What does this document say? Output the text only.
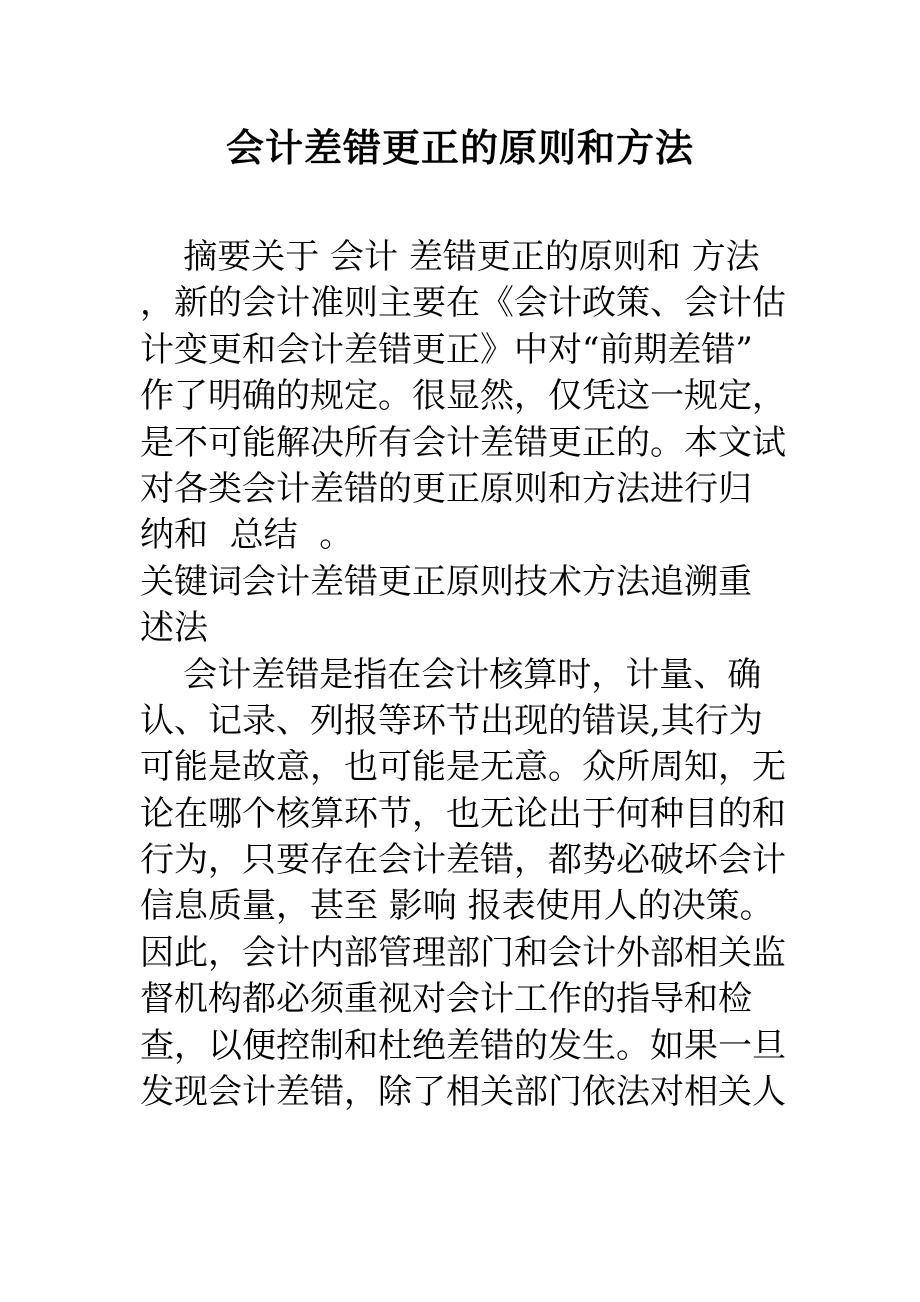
会计差错更正的原则和方法
摘要关于 会计 差错更正的原则和 方法
，新的会计准则主要在《会计政策、会计估
计变更和会计差错更正》中对“前期差错”
作了明确的规定。很显然，仅凭这一规定，
是不可能解决所有会计差错更正的。本文试
对各类会计差错的更正原则和方法进行归
纳和  总结  。
关键词会计差错更正原则技术方法追溯重
述法
会计差错是指在会计核算时，计量、确
认、记录、列报等环节出现的错误,其行为
可能是故意，也可能是无意。众所周知，无
论在哪个核算环节，也无论出于何种目的和
行为，只要存在会计差错，都势必破坏会计
信息质量，甚至 影响 报表使用人的决策。
因此，会计内部管理部门和会计外部相关监
督机构都必须重视对会计工作的指导和检
查，以便控制和杜绝差错的发生。如果一旦
发现会计差错，除了相关部门依法对相关人
